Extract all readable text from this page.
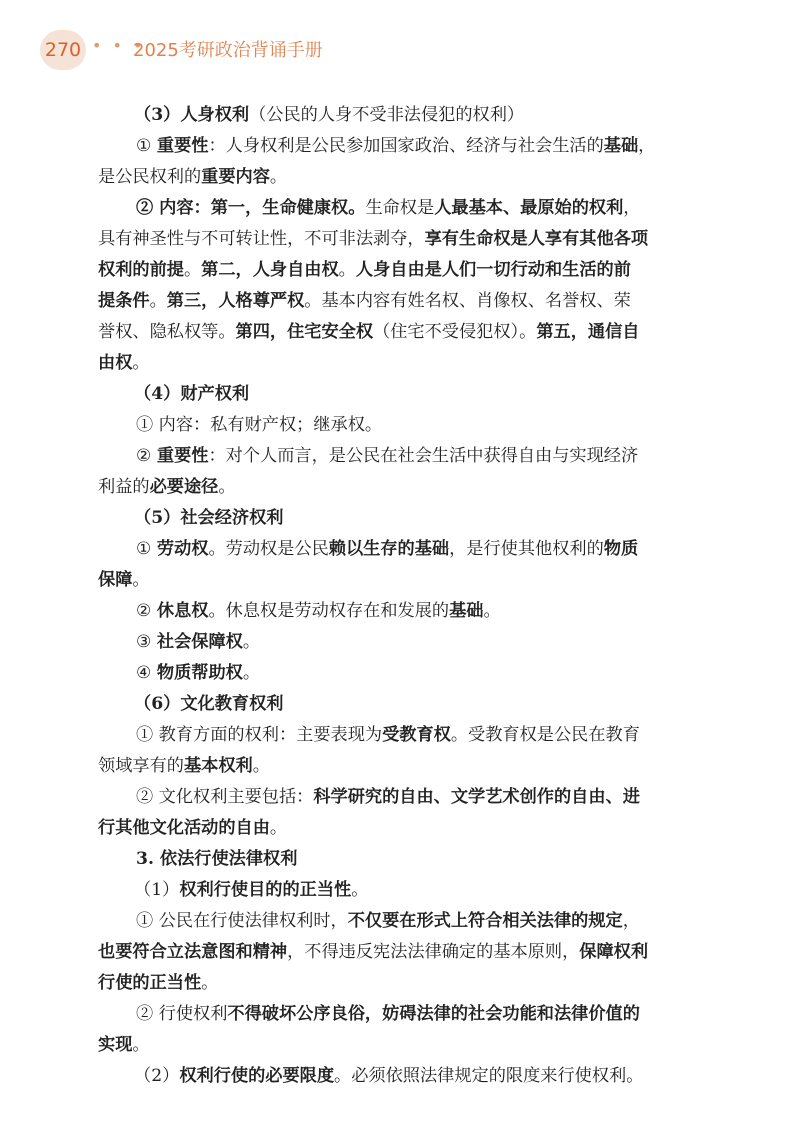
270 • • •
2025考研政治背诵手册
（3）人身权利（公民的人身不受非法侵犯的权利）
① 重要性：人身权利是公民参加国家政治、经济与社会生活的基础，
是公民权利的重要内容。
② 内容：第一，生命健康权。生命权是人最基本、最原始的权利，
具有神圣性与不可转让性，不可非法剥夺，享有生命权是人享有其他各项
权利的前提。第二，人身自由权。人身自由是人们一切行动和生活的前
提条件。第三，人格尊严权。基本内容有姓名权、肖像权、名誉权、荣
誉权、隐私权等。第四，住宅安全权（住宅不受侵犯权）。第五，通信自
由权。
（4）财产权利
① 内容：私有财产权；继承权。
② 重要性：对个人而言，是公民在社会生活中获得自由与实现经济
利益的必要途径。
（5）社会经济权利
① 劳动权。劳动权是公民赖以生存的基础，是行使其他权利的物质
保障。
② 休息权。休息权是劳动权存在和发展的基础。
③ 社会保障权。
④ 物质帮助权。
（6）文化教育权利
① 教育方面的权利：主要表现为受教育权。受教育权是公民在教育
领域享有的基本权利。
② 文化权利主要包括：科学研究的自由、文学艺术创作的自由、进
行其他文化活动的自由。
3. 依法行使法律权利
（1）权利行使目的的正当性。
① 公民在行使法律权利时，不仅要在形式上符合相关法律的规定，
也要符合立法意图和精神，不得违反宪法法律确定的基本原则，保障权利
行使的正当性。
② 行使权利不得破坏公序良俗，妨碍法律的社会功能和法律价值的
实现。
（2）权利行使的必要限度。必须依照法律规定的限度来行使权利。
